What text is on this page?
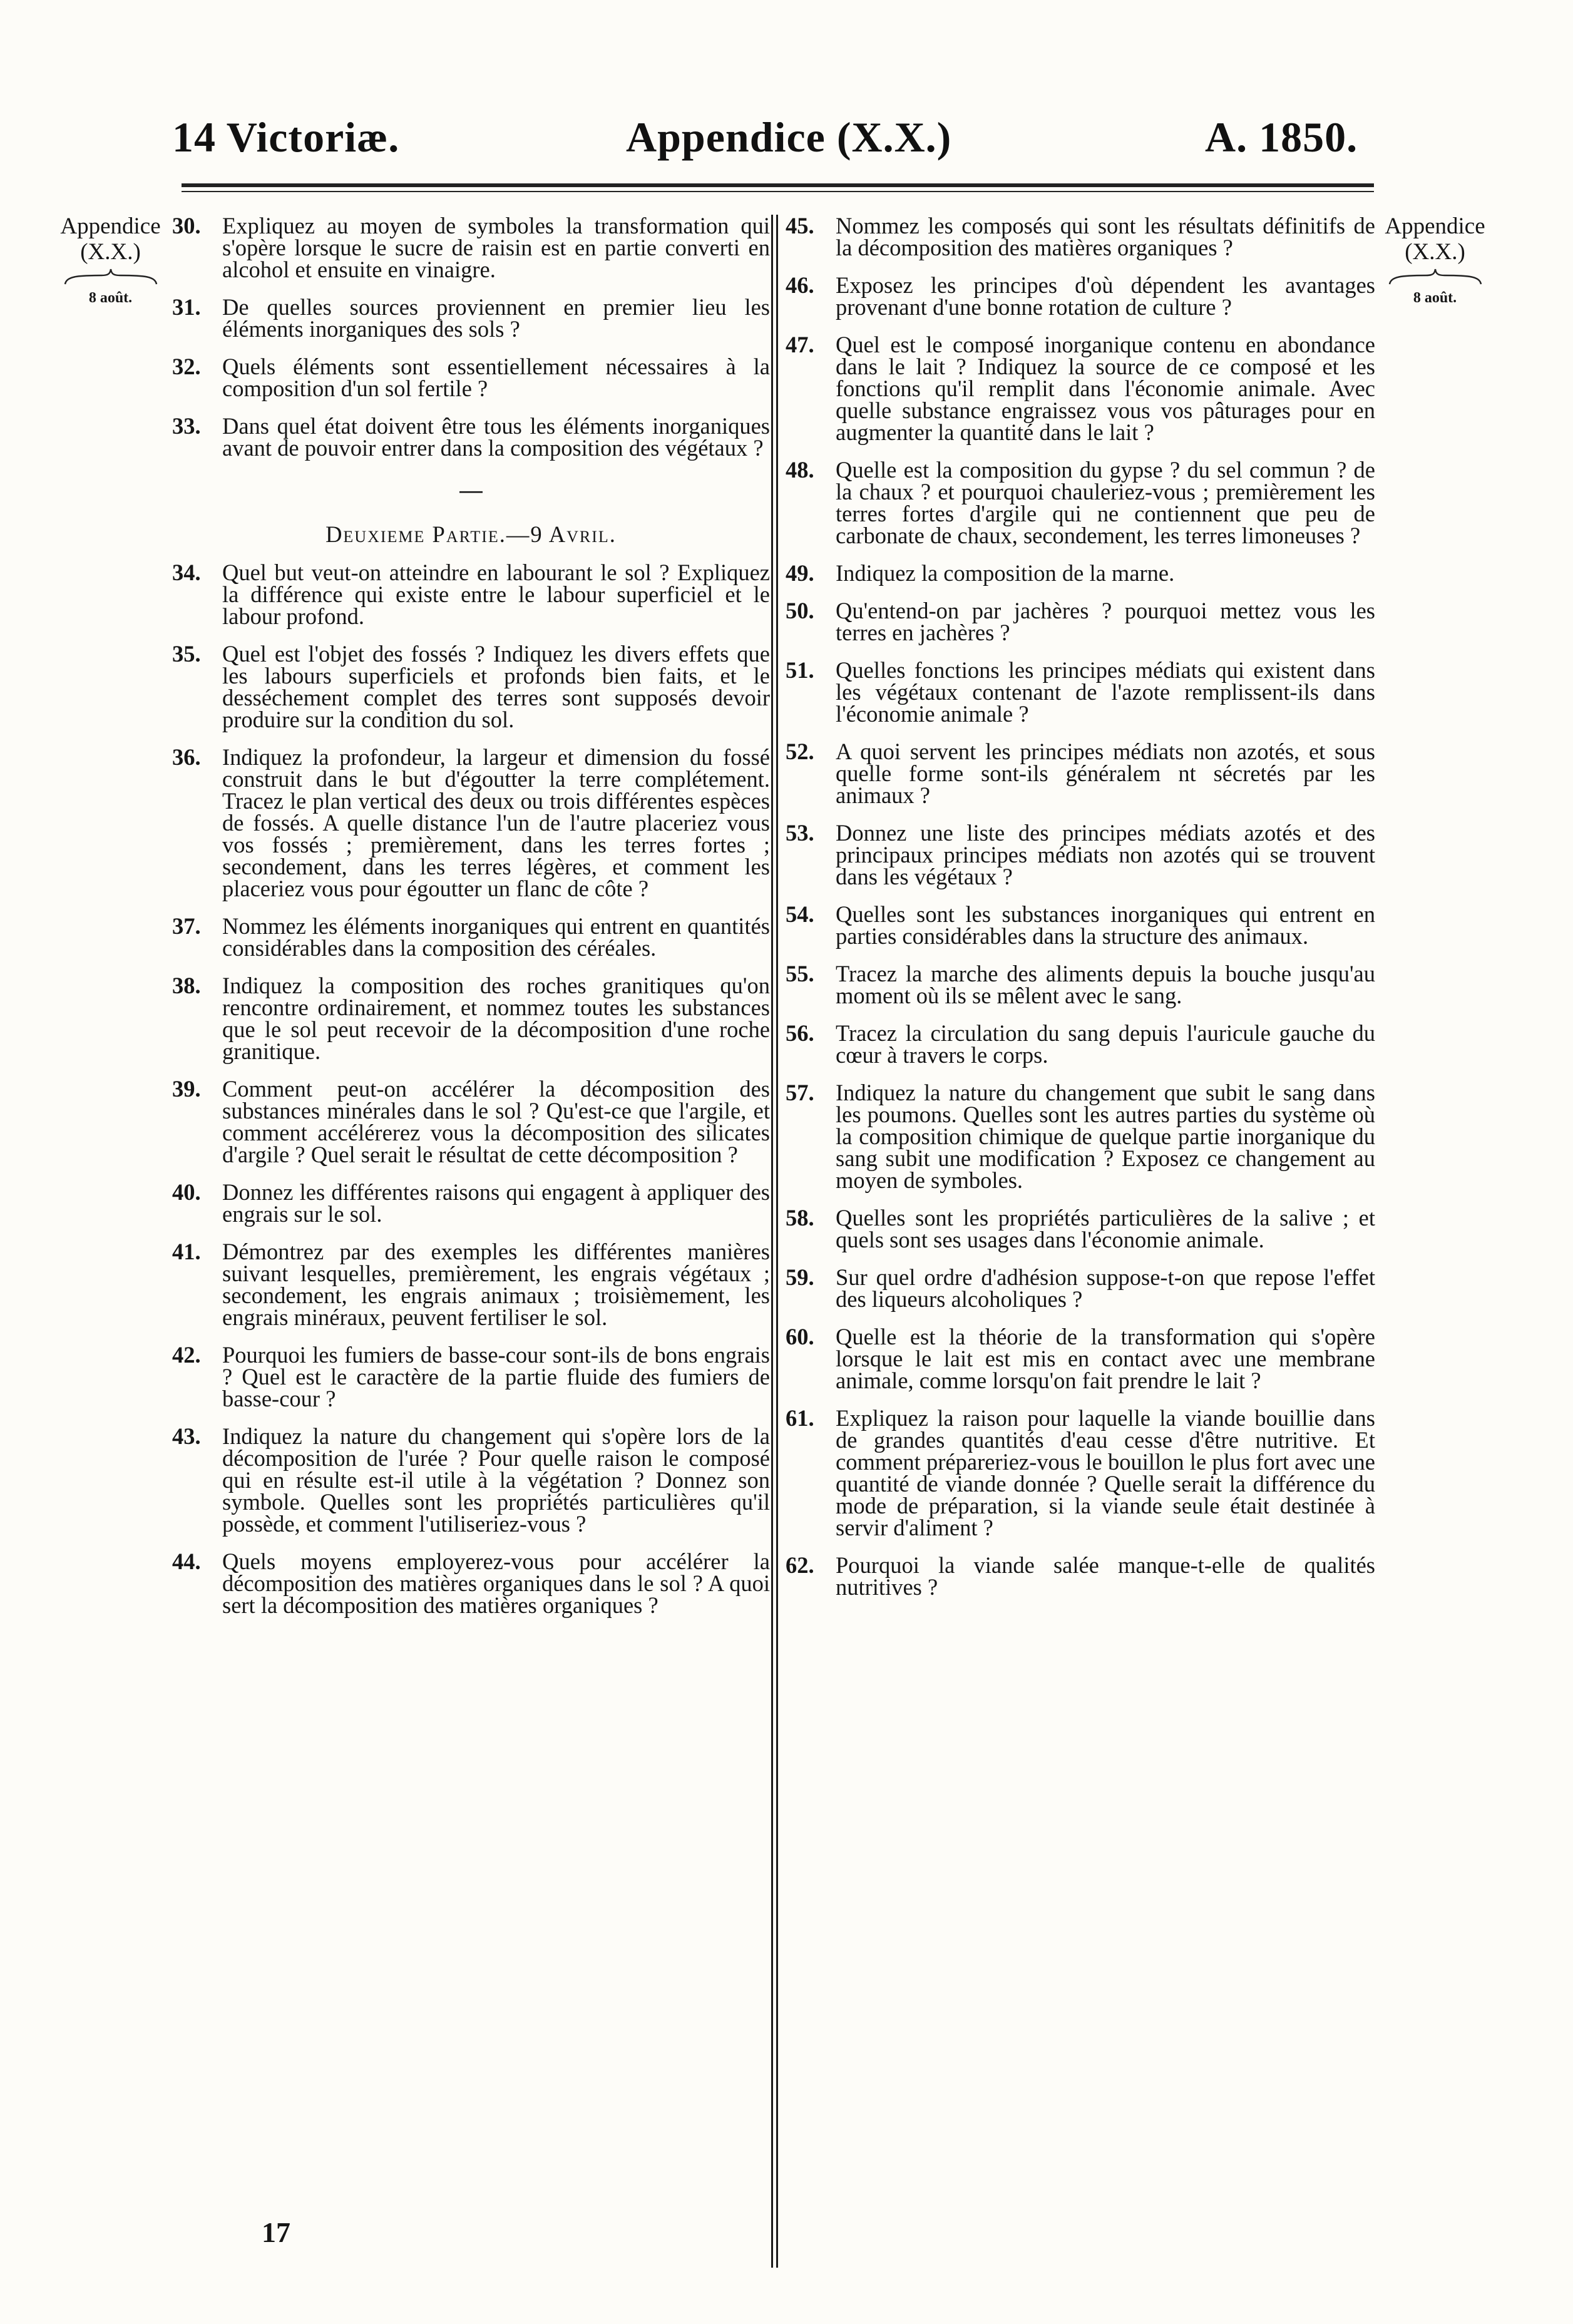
14 Victoriæ.	Appendice (X.X.)	A. 1850.
Appendice
(X.X.)
8 août.
Appendice
(X.X.)
8 août.
30. Expliquez au moyen de symboles la transformation qui s'opère lorsque le sucre de raisin est en partie converti en alcohol et ensuite en vinaigre.
31. De quelles sources proviennent en premier lieu les éléments inorganiques des sols ?
32. Quels éléments sont essentiellement nécessaires à la composition d'un sol fertile ?
33. Dans quel état doivent être tous les éléments inorganiques avant de pouvoir entrer dans la composition des végétaux ?
—
Deuxieme Partie.—9 Avril.
34. Quel but veut-on atteindre en labourant le sol ? Expliquez la différence qui existe entre le labour superficiel et le labour profond.
35. Quel est l'objet des fossés ? Indiquez les divers effets que les labours superficiels et profonds bien faits, et le desséchement complet des terres sont supposés devoir produire sur la condition du sol.
36. Indiquez la profondeur, la largeur et dimension du fossé construit dans le but d'égoutter la terre complétement. Tracez le plan vertical des deux ou trois différentes espèces de fossés. A quelle distance l'un de l'autre placeriez vous vos fossés ; premièrement, dans les terres fortes ; secondement, dans les terres légères, et comment les placeriez vous pour égoutter un flanc de côte ?
37. Nommez les éléments inorganiques qui entrent en quantités considérables dans la composition des céréales.
38. Indiquez la composition des roches granitiques qu'on rencontre ordinairement, et nommez toutes les substances que le sol peut recevoir de la décomposition d'une roche granitique.
39. Comment peut-on accélérer la décomposition des substances minérales dans le sol ? Qu'est-ce que l'argile, et comment accélérerez vous la décomposition des silicates d'argile ? Quel serait le résultat de cette décomposition ?
40. Donnez les différentes raisons qui engagent à appliquer des engrais sur le sol.
41. Démontrez par des exemples les différentes manières suivant lesquelles, premièrement, les engrais végétaux ; secondement, les engrais animaux ; troisièmement, les engrais minéraux, peuvent fertiliser le sol.
42. Pourquoi les fumiers de basse-cour sont-ils de bons engrais ? Quel est le caractère de la partie fluide des fumiers de basse-cour ?
43. Indiquez la nature du changement qui s'opère lors de la décomposition de l'urée ? Pour quelle raison le composé qui en résulte est-il utile à la végétation ? Donnez son symbole. Quelles sont les propriétés particulières qu'il possède, et comment l'utiliseriez-vous ?
44. Quels moyens employerez-vous pour accélérer la décomposition des matières organiques dans le sol ? A quoi sert la décomposition des matières organiques ?
45. Nommez les composés qui sont les résultats définitifs de la décomposition des matières organiques ?
46. Exposez les principes d'où dépendent les avantages provenant d'une bonne rotation de culture ?
47. Quel est le composé inorganique contenu en abondance dans le lait ? Indiquez la source de ce composé et les fonctions qu'il remplit dans l'économie animale. Avec quelle substance engraissez vous vos pâturages pour en augmenter la quantité dans le lait ?
48. Quelle est la composition du gypse ? du sel commun ? de la chaux ? et pourquoi chauleriez-vous ; premièrement les terres fortes d'argile qui ne contiennent que peu de carbonate de chaux, secondement, les terres limoneuses ?
49. Indiquez la composition de la marne.
50. Qu'entend-on par jachères ? pourquoi mettez vous les terres en jachères ?
51. Quelles fonctions les principes médiats qui existent dans les végétaux contenant de l'azote remplissent-ils dans l'économie animale ?
52. A quoi servent les principes médiats non azotés, et sous quelle forme sont-ils généralem nt sécretés par les animaux ?
53. Donnez une liste des principes médiats azotés et des principaux principes médiats non azotés qui se trouvent dans les végétaux ?
54. Quelles sont les substances inorganiques qui entrent en parties considérables dans la structure des animaux.
55. Tracez la marche des aliments depuis la bouche jusqu'au moment où ils se mêlent avec le sang.
56. Tracez la circulation du sang depuis l'auricule gauche du cœur à travers le corps.
57. Indiquez la nature du changement que subit le sang dans les poumons. Quelles sont les autres parties du système où la composition chimique de quelque partie inorganique du sang subit une modification ? Exposez ce changement au moyen de symboles.
58. Quelles sont les propriétés particulières de la salive ; et quels sont ses usages dans l'économie animale.
59. Sur quel ordre d'adhésion suppose-t-on que repose l'effet des liqueurs alcoholiques ?
60. Quelle est la théorie de la transformation qui s'opère lorsque le lait est mis en contact avec une membrane animale, comme lorsqu'on fait prendre le lait ?
61. Expliquez la raison pour laquelle la viande bouillie dans de grandes quantités d'eau cesse d'être nutritive. Et comment prépareriez-vous le bouillon le plus fort avec une quantité de viande donnée ? Quelle serait la différence du mode de préparation, si la viande seule était destinée à servir d'aliment ?
62. Pourquoi la viande salée manque-t-elle de qualités nutritives ?
17
